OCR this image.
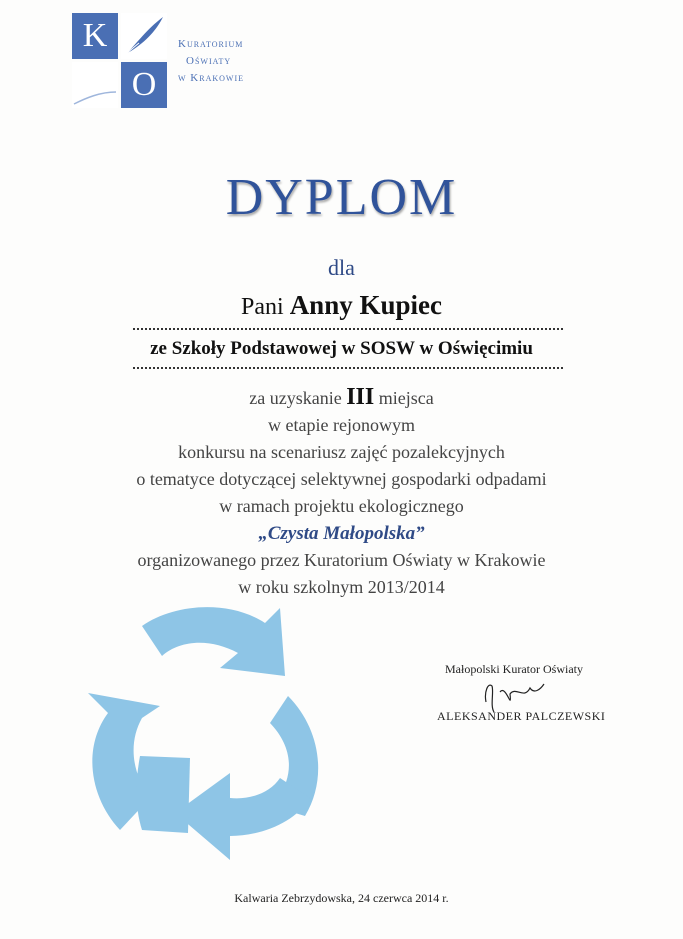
K
O
Kuratorium
Oświaty
w Krakowie
DYPLOM
dla
Pani Anny Kupiec
ze Szkoły Podstawowej w SOSW w Oświęcimiu
za uzyskanie III miejsca
w etapie rejonowym
konkursu na scenariusz zajęć pozalekcyjnych
o tematyce dotyczącej selektywnej gospodarki odpadami
w ramach projektu ekologicznego
„Czysta Małopolska”
organizowanego przez Kuratorium Oświaty w Krakowie
w roku szkolnym 2013/2014
Małopolski Kurator Oświaty
ALEKSANDER PALCZEWSKI
Kalwaria Zebrzydowska, 24 czerwca 2014 r.
